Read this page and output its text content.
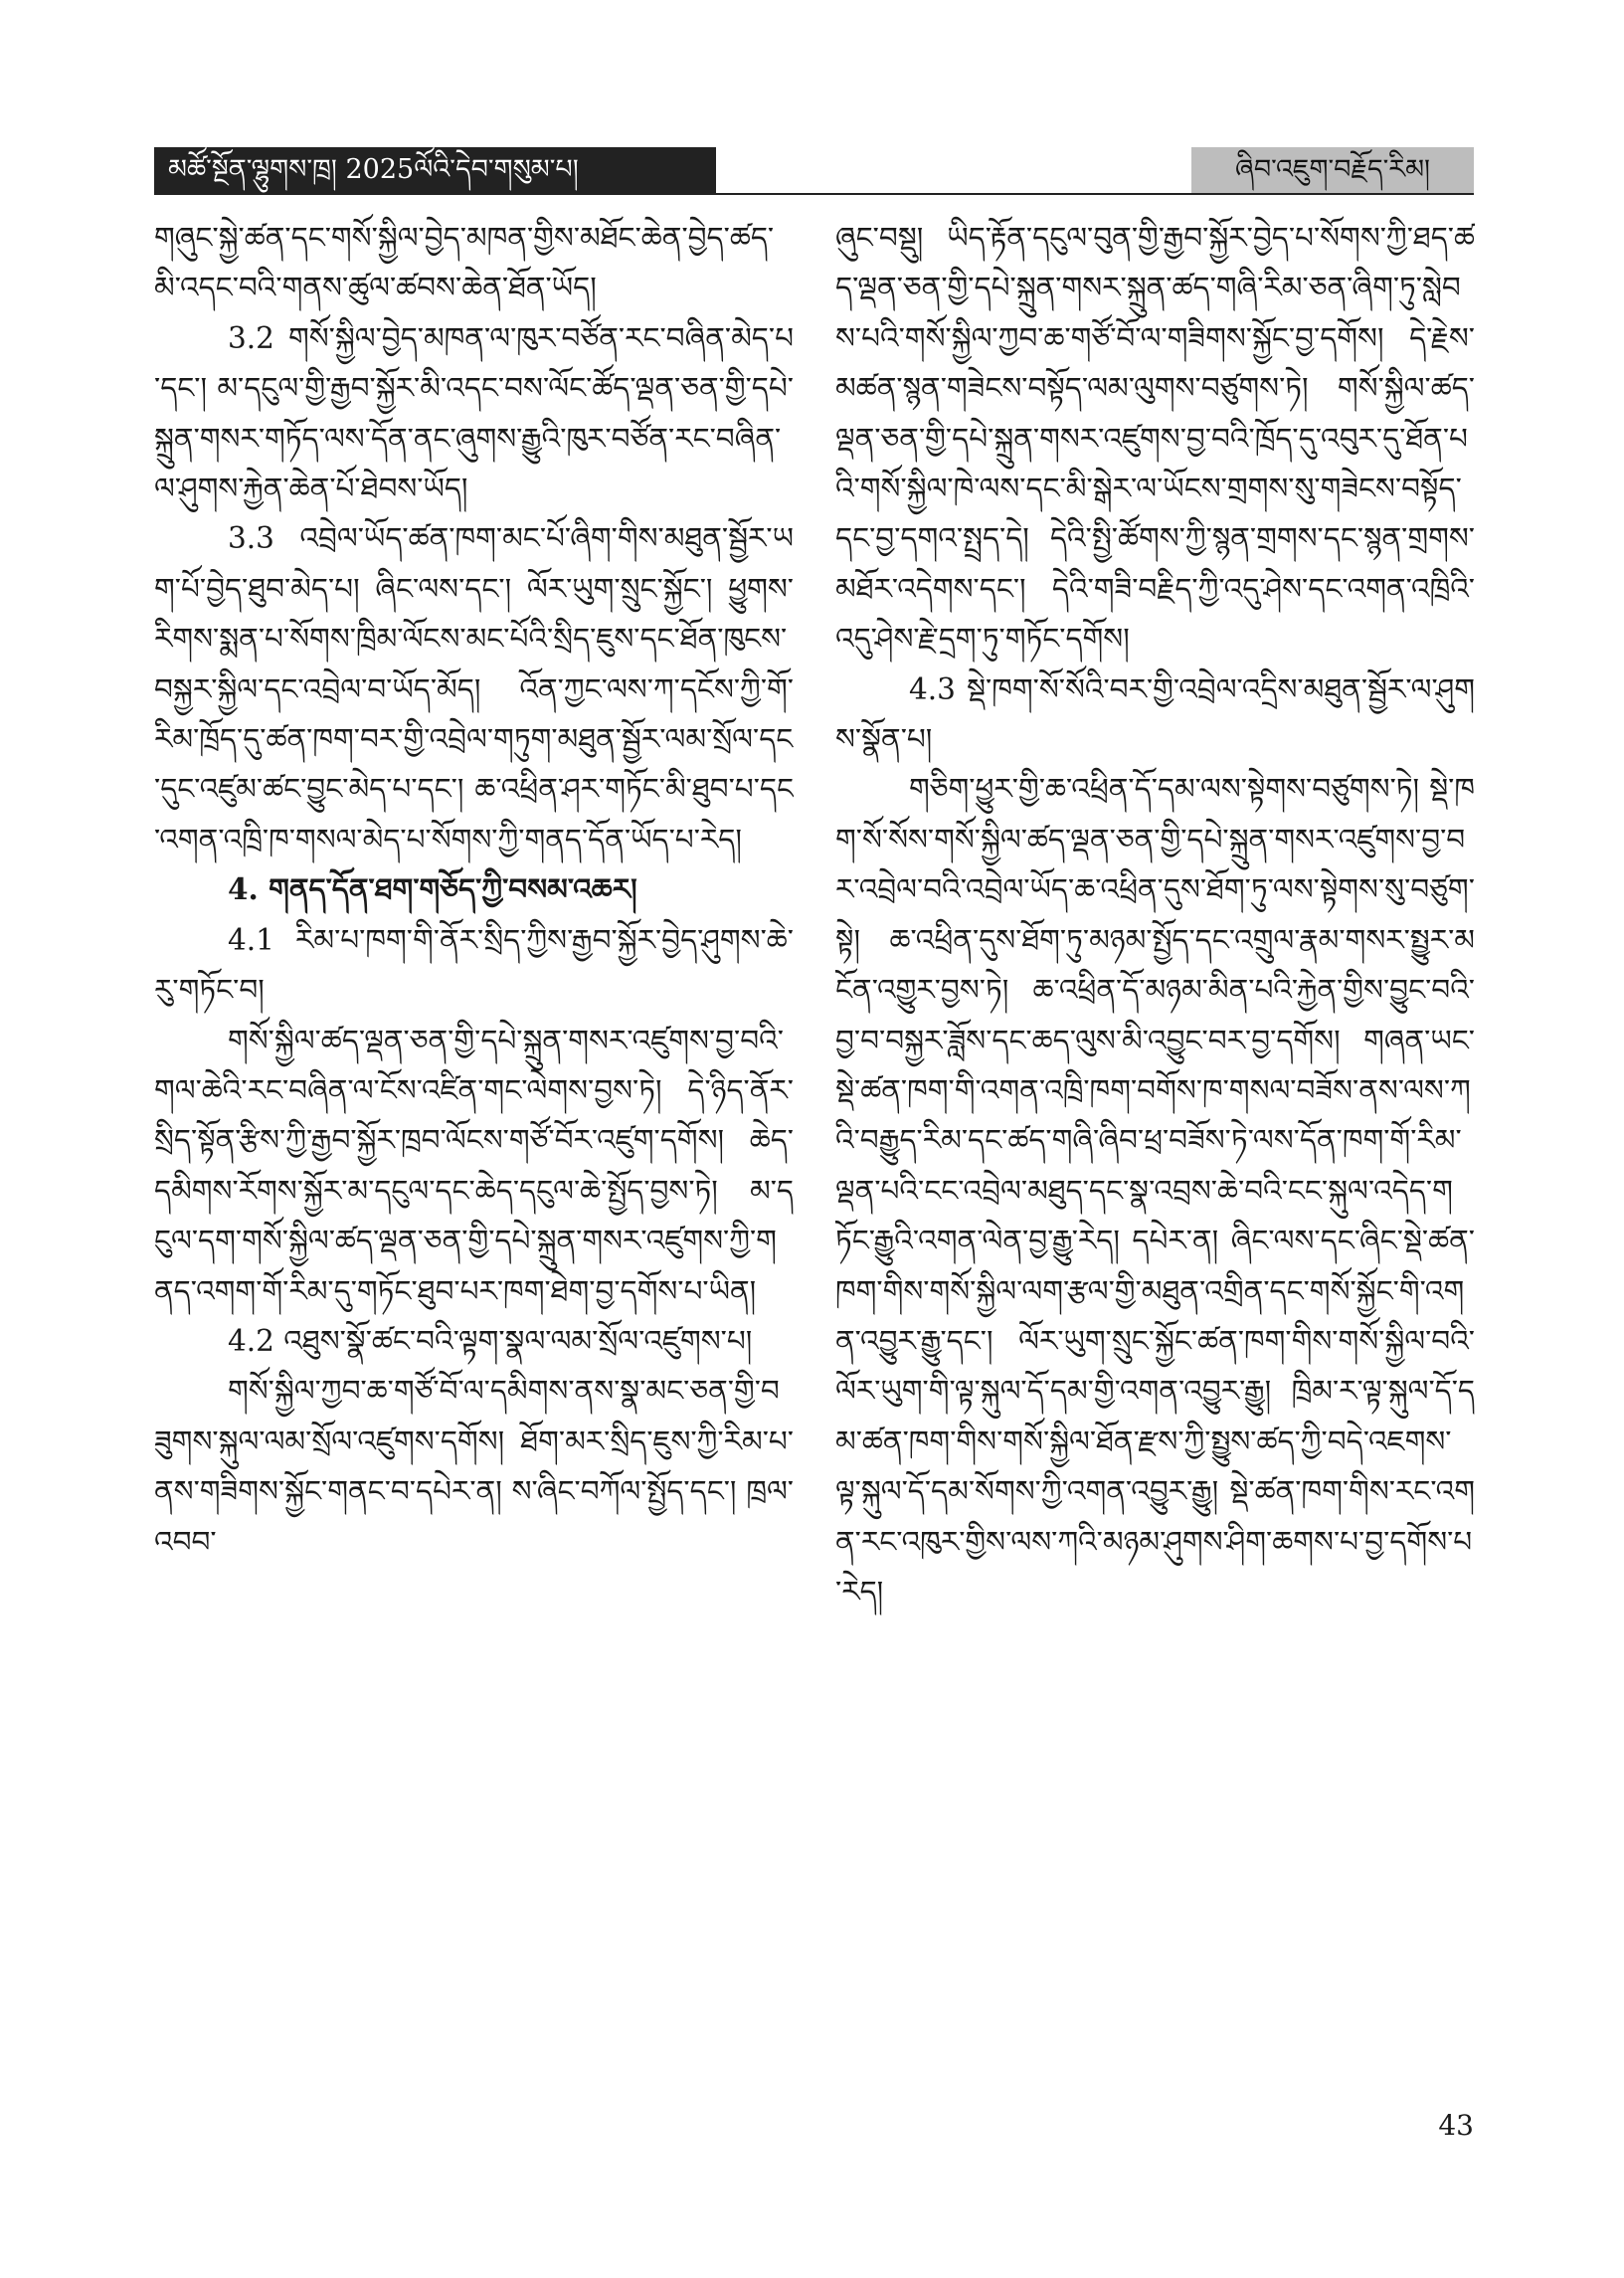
མཚོ་སྔོན་ལྷུགས་ཁྲ། 2025ལོའི་དེབ་གསུམ་པ།	ཞིབ་འཇུག་བརྗོད་རིམ།

གཞུང་སྐྱེ་ཚན་དང་གསོ་སྐྱིལ་བྱེད་མཁན་གྱིས་མཐོང་ཆེན་བྱེད་ཚད་མི་འདང་བའི་གནས་ཚུལ་ཚབས་ཆེན་ཐོན་ཡོད།

3.2 གསོ་སྐྱིལ་བྱེད་མཁན་ལ་ཁུར་བཙོན་རང་བཞིན་མེད་པ་དང་། མ་དངུལ་གྱི་རྒྱབ་སྐྱོར་མི་འདང་བས་ལོང་ཚོད་ལྡན་ཅན་གྱི་དཔེ་སྐྲུན་གསར་གཏོད་ལས་དོན་ནང་ཞུགས་རྒྱུའི་ཁུར་བཙོན་རང་བཞིན་ལ་ཤུགས་རྐྱེན་ཆེན་པོ་ཐེབས་ཡོད།

3.3 འབྲེལ་ཡོད་ཚན་ཁག་མང་པོ་ཞིག་གིས་མཐུན་སྦྱོར་ཡག་པོ་བྱེད་ཐུབ་མེད་པ། ཞིང་ལས་དང་། ལོར་ཡུག་སྲུང་སྐྱོང་། ཕྱུགས་རིགས་སྨན་པ་སོགས་ཁྲིམ་ལོངས་མང་པོའི་སྲིད་ཇུས་དང་ཐོན་ཁུངས་བསྐྱར་སྐྱིལ་དང་འབྲེལ་བ་ཡོད་མོད། འོན་ཀྱང་ལས་ཀ་དངོས་ཀྱི་གོ་རིམ་ཁྲོད་དུ་ཚན་ཁག་བར་གྱི་འབྲེལ་གཏུག་མཐུན་སྦྱོར་ལམ་སྲོལ་དང་དུང་འཛུམ་ཚང་བྱུང་མེད་པ་དང་། ཆ་འཕྲིན་ཤར་གཏོང་མི་ཐུབ་པ་དང་འགན་འཁྲི་ཁ་གསལ་མེད་པ་སོགས་ཀྱི་གནད་དོན་ཡོད་པ་རེད།

4. གནད་དོན་ཐག་གཅོད་ཀྱི་བསམ་འཆར།

4.1 རིམ་པ་ཁག་གི་ནོར་སྲིད་ཀྱིས་རྒྱབ་སྐྱོར་བྱེད་ཤུགས་ཆེ་རུ་གཏོང་བ།

གསོ་སྐྱིལ་ཚད་ལྡན་ཅན་གྱི་དཔེ་སྐྲུན་གསར་འཛུགས་བྱ་བའི་གལ་ཆེའི་རང་བཞིན་ལ་ངོས་འཛིན་གང་ལེགས་བྱས་ཏེ། དེ་ཉིད་ནོར་སྲིད་སྟོན་རྩིས་ཀྱི་རྒྱབ་སྐྱོར་ཁྲབ་ལོངས་གཙོ་བོར་འཛུག་དགོས། ཆེད་དམིགས་རོགས་སྐྱོར་མ་དངུལ་དང་ཆེད་དངུལ་ཆེ་སྤྱོད་བྱས་ཏེ། མ་དངུལ་དག་གསོ་སྐྱིལ་ཚད་ལྡན་ཅན་གྱི་དཔེ་སྐྲུན་གསར་འཛུགས་ཀྱི་གནད་འགག་གོ་རིམ་དུ་གཏོང་ཐུབ་པར་ཁག་ཐེག་བྱ་དགོས་པ་ཡིན།

4.2 འཐུས་སྣོ་ཚང་བའི་ལྟག་སྣལ་ལམ་སྲོལ་འཛུགས་པ།

གསོ་སྐྱིལ་ཀྱབ་ཆ་གཙོ་བོ་ལ་དམིགས་ནས་སྣ་མང་ཅན་གྱི་བཟུགས་སྐུལ་ལམ་སྲོལ་འཛུགས་དགོས། ཐོག་མར་སྲིད་ཇུས་ཀྱི་རིམ་པ་ནས་གཟིགས་སྐྱོང་གནང་བ་དཔེར་ན། ས་ཞིང་བཀོལ་སྤྱོད་དང་། ཁྲལ་འབབ་

ཞུང་བསྡུ། ཡིད་རྟོན་དངུལ་བུན་གྱི་རྒྱབ་སྐྱོར་བྱེད་པ་སོགས་ཀྱི་ཐད་ཚད་ལྡན་ཅན་གྱི་དཔེ་སྐྲུན་གསར་སྐྲུན་ཚད་གཞི་རིམ་ཅན་ཞིག་ཏུ་སླེབས་པའི་གསོ་སྐྱིལ་ཀྱབ་ཆ་གཙོ་བོ་ལ་གཟིགས་སྐྱོང་བྱ་དགོས། དེ་རྗེས་མཚན་སྙན་གཟེངས་བསྟོད་ལམ་ལུགས་བཙུགས་ཏེ། གསོ་སྐྱིལ་ཚད་ལྡན་ཅན་གྱི་དཔེ་སྐྲུན་གསར་འཛུགས་བྱ་བའི་ཁྲོད་དུ་འབུར་དུ་ཐོན་པའི་གསོ་སྐྱིལ་ཁེ་ལས་དང་མི་སྒེར་ལ་ཡོངས་གྲགས་སུ་གཟེངས་བསྟོད་དང་བྱ་དགའ་སྤྲད་དེ། དེའི་སྤྱི་ཚོགས་ཀྱི་སྙན་གྲགས་དང་སྙན་གྲགས་མཐོར་འདེགས་དང་། དེའི་གཟི་བརྗིད་ཀྱི་འདུ་ཤེས་དང་འགན་འཁྲིའི་འདུ་ཤེས་རྗེ་དྲག་ཏུ་གཏོང་དགོས།

4.3 སྡེ་ཁག་སོ་སོའི་བར་གྱི་འབྲེལ་འདྲིས་མཐུན་སྦྱོར་ལ་ཤུགས་སྣོན་པ།

གཅིག་ཕྱུར་གྱི་ཆ་འཕྲིན་དོ་དམ་ལས་སྟེགས་བཙུགས་ཏེ། སྡེ་ཁག་སོ་སོས་གསོ་སྐྱིལ་ཚད་ལྡན་ཅན་གྱི་དཔེ་སྐྲུན་གསར་འཛུགས་བྱ་བར་འབྲེལ་བའི་འབྲེལ་ཡོད་ཆ་འཕྲིན་དུས་ཐོག་ཏུ་ལས་སྟེགས་སུ་བཙུག་སྟེ། ཆ་འཕྲིན་དུས་ཐོག་ཏུ་མཉམ་སྤྱོད་དང་འགྲུལ་རྣམ་གསར་སྤྱུར་མངོན་འགྱུར་བྱས་ཏེ། ཆ་འཕྲིན་དོ་མཉམ་མིན་པའི་རྐྱེན་གྱིས་བྱུང་བའི་བྱ་བ་བསྐྱར་ཟློས་དང་ཆད་ལུས་མི་འབྱུང་བར་བྱ་དགོས། གཞན་ཡང་སྡེ་ཚན་ཁག་གི་འགན་འཁྲི་ཁག་བགོས་ཁ་གསལ་བཟོས་ནས་ལས་ཀའི་བརྒྱུད་རིམ་དང་ཚད་གཞི་ཞིབ་ཕྲ་བཟོས་ཏེ་ལས་དོན་ཁག་གོ་རིམ་ལྡན་པའི་ངང་འབྲེལ་མཐུད་དང་སྣ་འབྲས་ཆེ་བའི་ངང་སྐུལ་འདེད་གཏོང་རྒྱུའི་འགན་ལེན་བྱ་རྒྱུ་རེད། དཔེར་ན། ཞིང་ལས་དང་ཞིང་སྡེ་ཚན་ཁག་གིས་གསོ་སྐྱིལ་ལག་རྩལ་གྱི་མཐུན་འགྲིན་དང་གསོ་སྐྱོང་གི་འགན་འབྱུར་རྒྱུ་དང་། ལོར་ཡུག་སྲུང་སྐྱོང་ཚན་ཁག་གིས་གསོ་སྐྱིལ་བའི་ལོར་ཡུག་གི་ལྟ་སྐུལ་དོ་དམ་གྱི་འགན་འབྱུར་རྒྱུ། ཁྲིམ་ར་ལྟ་སྐུལ་དོ་དམ་ཚན་ཁག་གིས་གསོ་སྐྱིལ་ཐོན་རྫས་ཀྱི་སྤྱུས་ཚད་ཀྱི་བདེ་འཇགས་ལྟ་སྐུལ་དོ་དམ་སོགས་ཀྱི་འགན་འབྱུར་རྒྱུ། སྡེ་ཚན་ཁག་གིས་རང་འགན་རང་འཁུར་གྱིས་ལས་ཀའི་མཉམ་ཤུགས་ཤིག་ཆགས་པ་བྱ་དགོས་པ་རེད།

43
